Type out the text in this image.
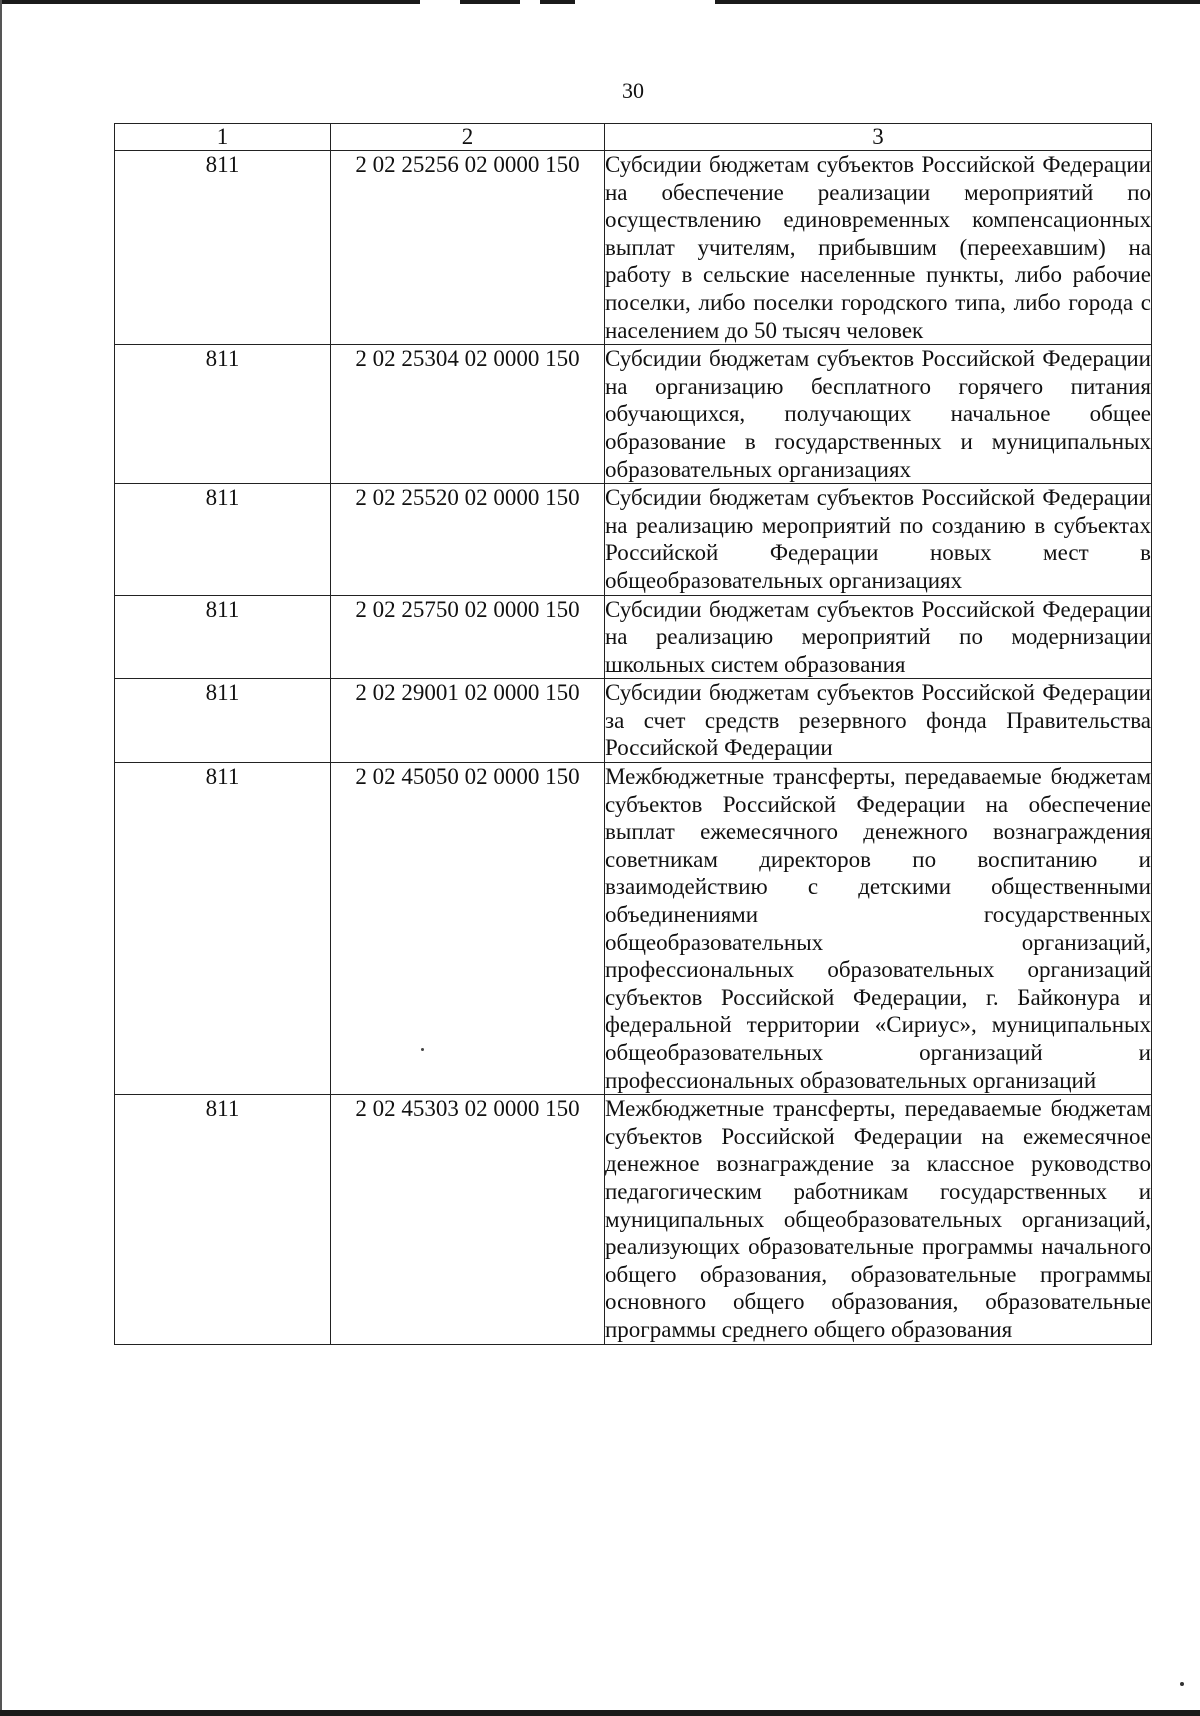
30
1	2	3
811	2 02 25256 02 0000 150	Субсидии бюджетам субъектов Российской Федерации на обеспечение реализации мероприятий по осуществлению единовременных компенсационных выплат учителям, прибывшим (переехавшим) на работу в сельские населенные пункты, либо рабочие поселки, либо поселки городского типа, либо города с населением до 50 тысяч человек
811	2 02 25304 02 0000 150	Субсидии бюджетам субъектов Российской Федерации на организацию бесплатного горячего питания обучающихся, получающих начальное общее образование в государственных и муниципальных образовательных организациях
811	2 02 25520 02 0000 150	Субсидии бюджетам субъектов Российской Федерации на реализацию мероприятий по созданию в субъектах Российской Федерации новых мест в общеобразовательных организациях
811	2 02 25750 02 0000 150	Субсидии бюджетам субъектов Российской Федерации на реализацию мероприятий по модернизации школьных систем образования
811	2 02 29001 02 0000 150	Субсидии бюджетам субъектов Российской Федерации за счет средств резервного фонда Правительства Российской Федерации
811	2 02 45050 02 0000 150	Межбюджетные трансферты, передаваемые бюджетам субъектов Российской Федерации на обеспечение выплат ежемесячного денежного вознаграждения советникам директоров по воспитанию и взаимодействию с детскими общественными объединениями государственных общеобразовательных организаций, профессиональных образовательных организаций субъектов Российской Федерации, г. Байконура и федеральной территории «Сириус», муниципальных общеобразовательных организаций и профессиональных образовательных организаций
811	2 02 45303 02 0000 150	Межбюджетные трансферты, передаваемые бюджетам субъектов Российской Федерации на ежемесячное денежное вознаграждение за классное руководство педагогическим работникам государственных и муниципальных общеобразовательных организаций, реализующих образовательные программы начального общего образования, образовательные программы основного общего образования, образовательные программы среднего общего образования
